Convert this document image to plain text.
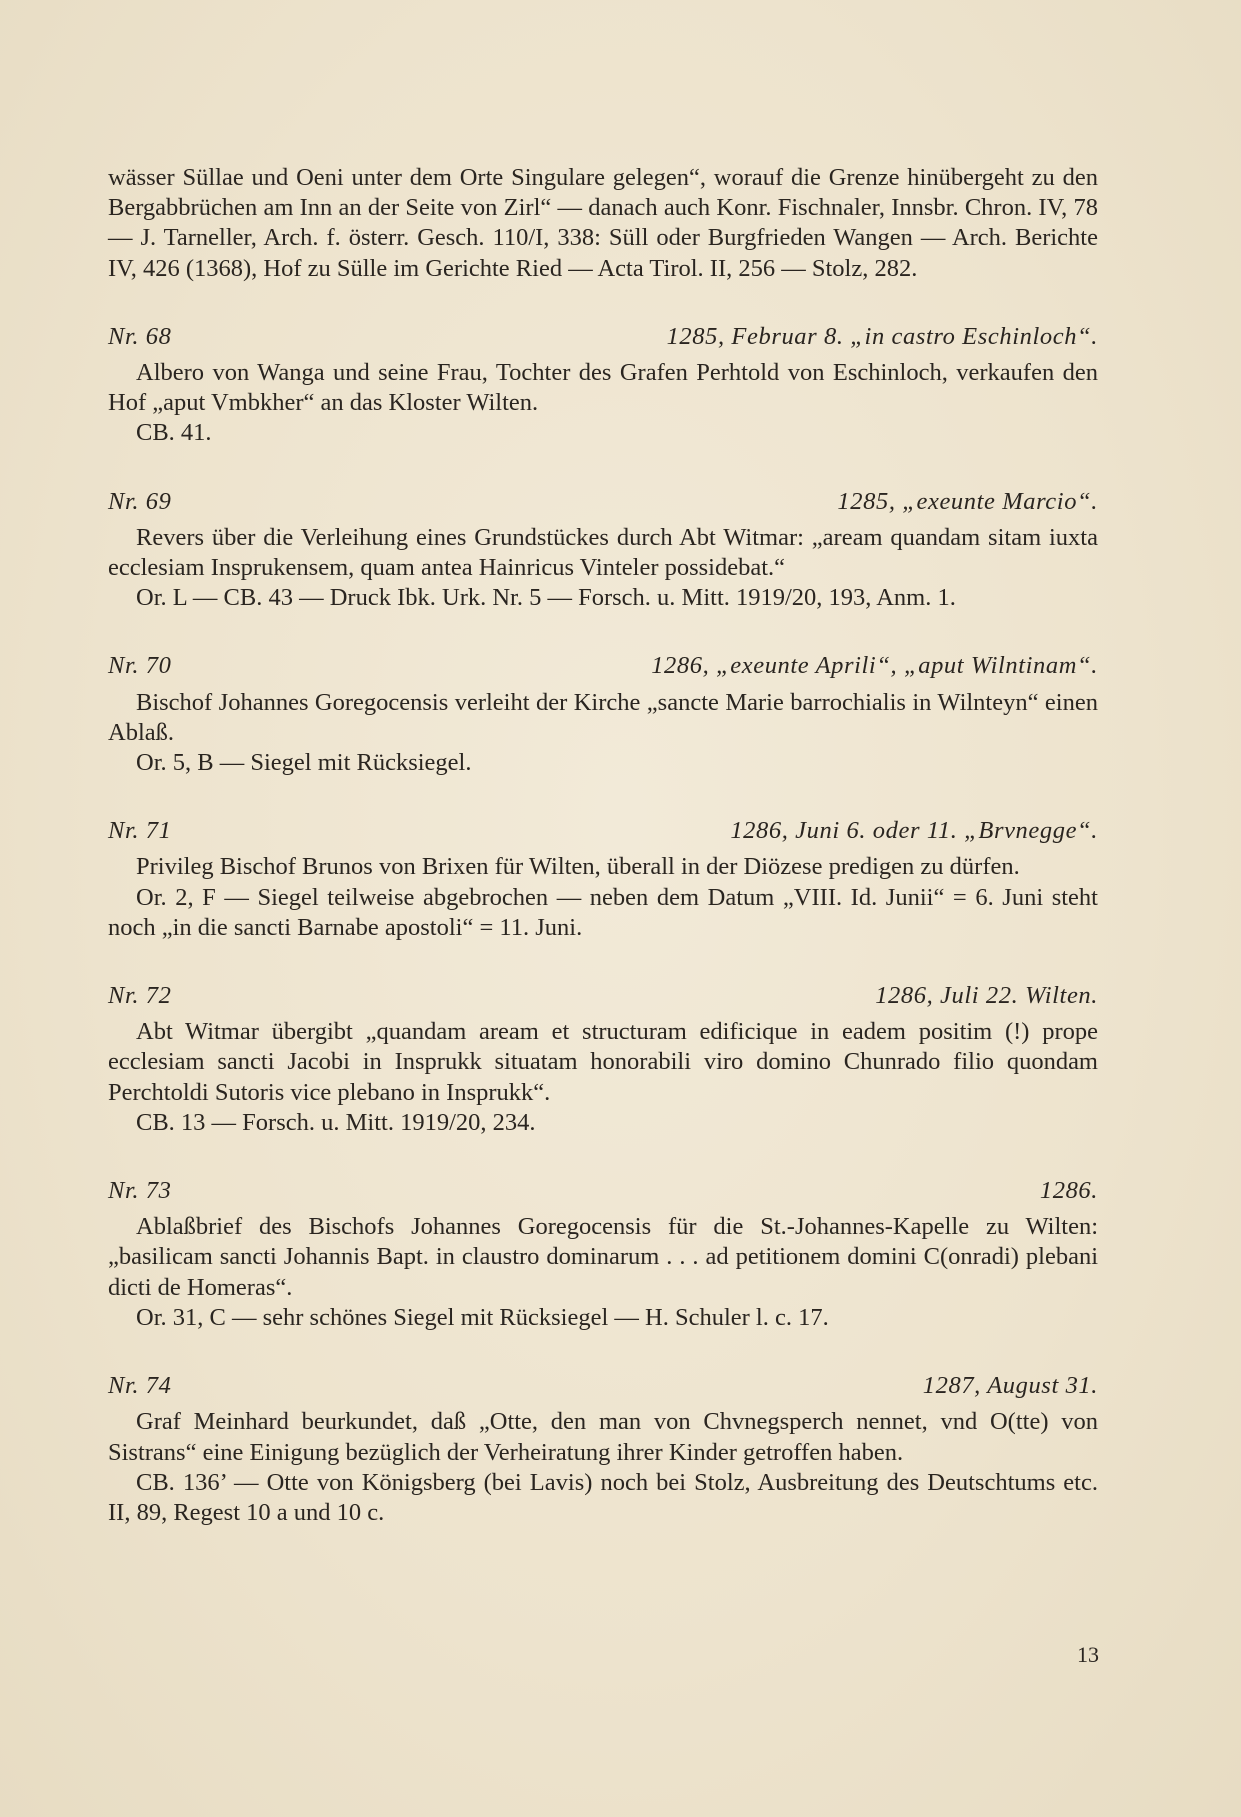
wässer Süllae und Oeni unter dem Orte Singulare gelegen“, worauf die Grenze hinübergeht zu den Bergabbrüchen am Inn an der Seite von Zirl“ — danach auch Konr. Fischnaler, Innsbr. Chron. IV, 78 — J. Tarneller, Arch. f. österr. Gesch. 110/I, 338: Süll oder Burgfrieden Wangen — Arch. Berichte IV, 426 (1368), Hof zu Sülle im Gerichte Ried — Acta Tirol. II, 256 — Stolz, 282.

Nr. 68	1285, Februar 8. „in castro Eschinloch“.

Albero von Wanga und seine Frau, Tochter des Grafen Perhtold von Eschinloch, verkaufen den Hof „aput Vmbkher“ an das Kloster Wilten.

CB. 41.

Nr. 69	1285, „exeunte Marcio“.

Revers über die Verleihung eines Grundstückes durch Abt Witmar: „aream quandam sitam iuxta ecclesiam Insprukensem, quam antea Hainricus Vinteler possidebat.“

Or. L — CB. 43 — Druck Ibk. Urk. Nr. 5 — Forsch. u. Mitt. 1919/20, 193, Anm. 1.

Nr. 70	1286, „exeunte Aprili“, „aput Wilntinam“.

Bischof Johannes Goregocensis verleiht der Kirche „sancte Marie barrochialis in Wilnteyn“ einen Ablaß.

Or. 5, B — Siegel mit Rücksiegel.

Nr. 71	1286, Juni 6. oder 11. „Brvnegge“.

Privileg Bischof Brunos von Brixen für Wilten, überall in der Diözese predigen zu dürfen.

Or. 2, F — Siegel teilweise abgebrochen — neben dem Datum „VIII. Id. Junii“ = 6. Juni steht noch „in die sancti Barnabe apostoli“ = 11. Juni.

Nr. 72	1286, Juli 22. Wilten.

Abt Witmar übergibt „quandam aream et structuram edificique in eadem positim (!) prope ecclesiam sancti Jacobi in Insprukk situatam honorabili viro domino Chunrado filio quondam Perchtoldi Sutoris vice plebano in Insprukk“.

CB. 13 — Forsch. u. Mitt. 1919/20, 234.

Nr. 73	1286.

Ablaßbrief des Bischofs Johannes Goregocensis für die St.-Johannes-Kapelle zu Wilten: „basilicam sancti Johannis Bapt. in claustro dominarum . . . ad petitionem domini C(onradi) plebani dicti de Homeras“.

Or. 31, C — sehr schönes Siegel mit Rücksiegel — H. Schuler l. c. 17.

Nr. 74	1287, August 31.

Graf Meinhard beurkundet, daß „Otte, den man von Chvnegsperch nennet, vnd O(tte) von Sistrans“ eine Einigung bezüglich der Verheiratung ihrer Kinder getroffen haben.

CB. 136’ — Otte von Königsberg (bei Lavis) noch bei Stolz, Ausbreitung des Deutschtums etc. II, 89, Regest 10 a und 10 c.

13
